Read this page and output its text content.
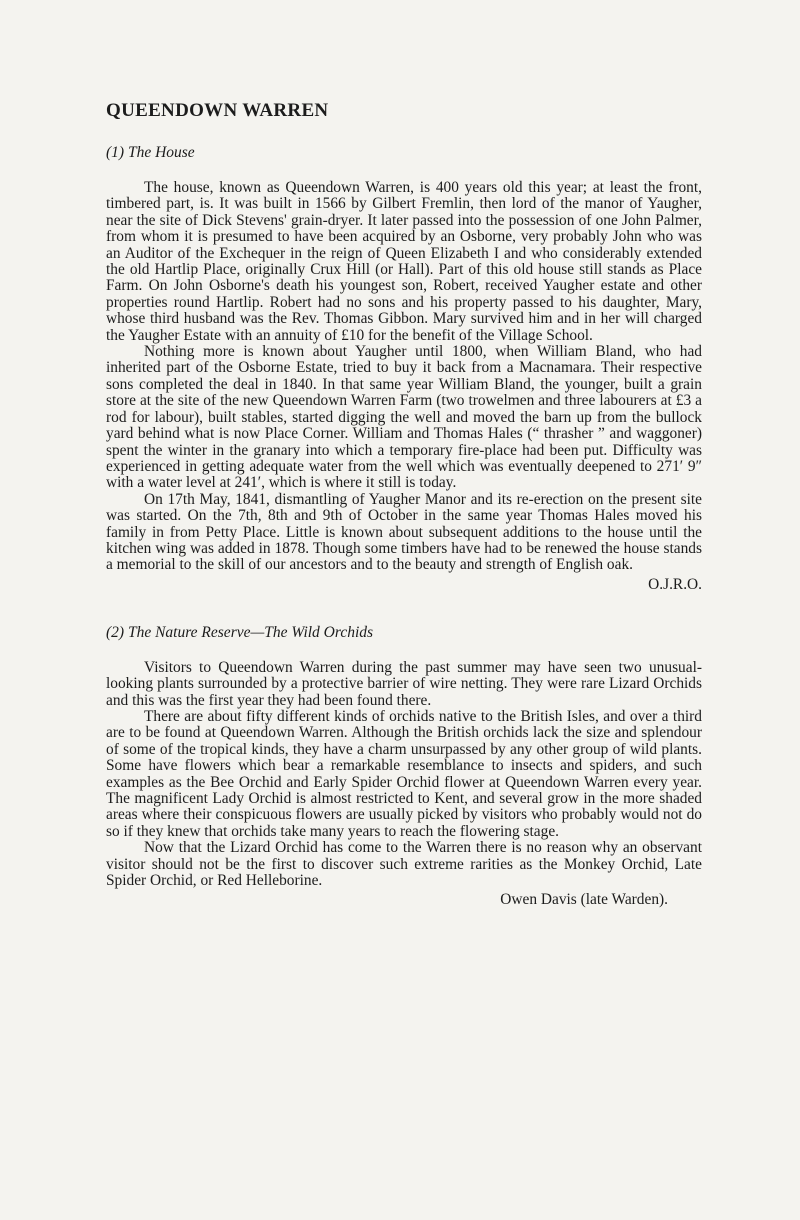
QUEENDOWN WARREN
(1) The House

The house, known as Queendown Warren, is 400 years old this year; at least the front, timbered part, is. It was built in 1566 by Gilbert Fremlin, then lord of the manor of Yaugher, near the site of Dick Stevens' grain-dryer. It later passed into the possession of one John Palmer, from whom it is presumed to have been acquired by an Osborne, very probably John who was an Auditor of the Exchequer in the reign of Queen Elizabeth I and who considerably extended the old Hartlip Place, originally Crux Hill (or Hall). Part of this old house still stands as Place Farm. On John Osborne's death his youngest son, Robert, received Yaugher estate and other properties round Hartlip. Robert had no sons and his property passed to his daughter, Mary, whose third husband was the Rev. Thomas Gibbon. Mary survived him and in her will charged the Yaugher Estate with an annuity of £10 for the benefit of the Village School.

Nothing more is known about Yaugher until 1800, when William Bland, who had inherited part of the Osborne Estate, tried to buy it back from a Macnamara. Their respective sons completed the deal in 1840. In that same year William Bland, the younger, built a grain store at the site of the new Queendown Warren Farm (two trowelmen and three labourers at £3 a rod for labour), built stables, started digging the well and moved the barn up from the bullock yard behind what is now Place Corner. William and Thomas Hales (“ thrasher ” and waggoner) spent the winter in the granary into which a temporary fire-place had been put. Difficulty was experienced in getting adequate water from the well which was eventually deepened to 271′ 9″ with a water level at 241′, which is where it still is today.

On 17th May, 1841, dismantling of Yaugher Manor and its re-erection on the present site was started. On the 7th, 8th and 9th of October in the same year Thomas Hales moved his family in from Petty Place. Little is known about subsequent additions to the house until the kitchen wing was added in 1878. Though some timbers have had to be renewed the house stands a memorial to the skill of our ancestors and to the beauty and strength of English oak.

O.J.R.O.
(2) The Nature Reserve—The Wild Orchids

Visitors to Queendown Warren during the past summer may have seen two unusual-looking plants surrounded by a protective barrier of wire netting. They were rare Lizard Orchids and this was the first year they had been found there.

There are about fifty different kinds of orchids native to the British Isles, and over a third are to be found at Queendown Warren. Although the British orchids lack the size and splendour of some of the tropical kinds, they have a charm unsurpassed by any other group of wild plants. Some have flowers which bear a remarkable resemblance to insects and spiders, and such examples as the Bee Orchid and Early Spider Orchid flower at Queendown Warren every year. The magnificent Lady Orchid is almost restricted to Kent, and several grow in the more shaded areas where their conspicuous flowers are usually picked by visitors who probably would not do so if they knew that orchids take many years to reach the flowering stage.

Now that the Lizard Orchid has come to the Warren there is no reason why an observant visitor should not be the first to discover such extreme rarities as the Monkey Orchid, Late Spider Orchid, or Red Helleborine.

Owen Davis (late Warden).
